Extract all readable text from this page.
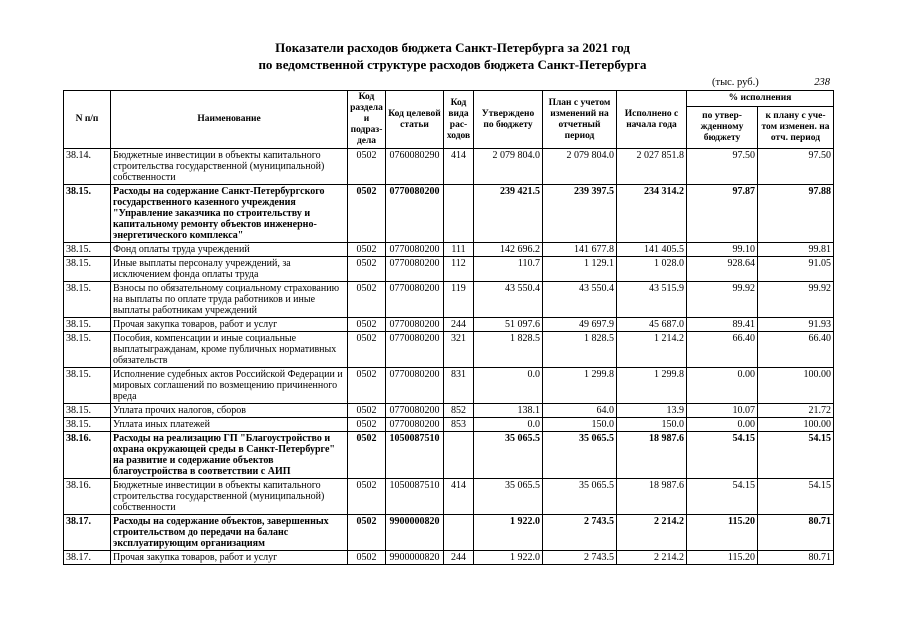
Показатели расходов бюджета Санкт-Петербурга за 2021 год
по ведомственной структуре расходов бюджета Санкт-Петербурга
(тыс. руб.)	238
N п/п	Наименование	Код раздела и подраз-дела	Код целевой статьи	Код вида рас-ходов	Утверждено по бюджету	План с учетом изменений на отчетный период	Исполнено с начала года	% исполнения	
								по утвер-жденному бюджету	к плану с уче-том изменен. на отч. период
38.14.	Бюджетные инвестиции в объекты капитального строительства государственной (муниципальной) собственности	0502	0760080290	414	2 079 804.0	2 079 804.0	2 027 851.8	97.50	97.50
38.15.	Расходы на содержание Санкт-Петербургского государственного казенного учреждения "Управление заказчика по строительству и капитальному ремонту объектов инженерно-энергетического комплекса"	0502	0770080200		239 421.5	239 397.5	234 314.2	97.87	97.88
38.15.	Фонд оплаты труда учреждений	0502	0770080200	111	142 696.2	141 677.8	141 405.5	99.10	99.81
38.15.	Иные выплаты персоналу учреждений, за исключением фонда оплаты труда	0502	0770080200	112	110.7	1 129.1	1 028.0	928.64	91.05
38.15.	Взносы по обязательному социальному страхованию на выплаты по оплате труда работников и иные выплаты работникам учреждений	0502	0770080200	119	43 550.4	43 550.4	43 515.9	99.92	99.92
38.15.	Прочая закупка товаров, работ и услуг	0502	0770080200	244	51 097.6	49 697.9	45 687.0	89.41	91.93
38.15.	Пособия, компенсации и иные социальные выплатыгражданам, кроме публичных нормативных обязательств	0502	0770080200	321	1 828.5	1 828.5	1 214.2	66.40	66.40
38.15.	Исполнение судебных актов Российской Федерации и мировых соглашений по возмещению причиненного вреда	0502	0770080200	831	0.0	1 299.8	1 299.8	0.00	100.00
38.15.	Уплата прочих налогов, сборов	0502	0770080200	852	138.1	64.0	13.9	10.07	21.72
38.15.	Уплата иных платежей	0502	0770080200	853	0.0	150.0	150.0	0.00	100.00
38.16.	Расходы на реализацию ГП "Благоустройство и охрана окружающей среды в Санкт-Петербурге" на развитие и содержание объектов благоустройства в соответствии с АИП	0502	1050087510		35 065.5	35 065.5	18 987.6	54.15	54.15
38.16.	Бюджетные инвестиции в объекты капитального строительства государственной (муниципальной) собственности	0502	1050087510	414	35 065.5	35 065.5	18 987.6	54.15	54.15
38.17.	Расходы на содержание объектов, завершенных строительством до передачи на баланс эксплуатирующим организациям	0502	9900000820		1 922.0	2 743.5	2 214.2	115.20	80.71
38.17.	Прочая закупка товаров, работ и услуг	0502	9900000820	244	1 922.0	2 743.5	2 214.2	115.20	80.71
